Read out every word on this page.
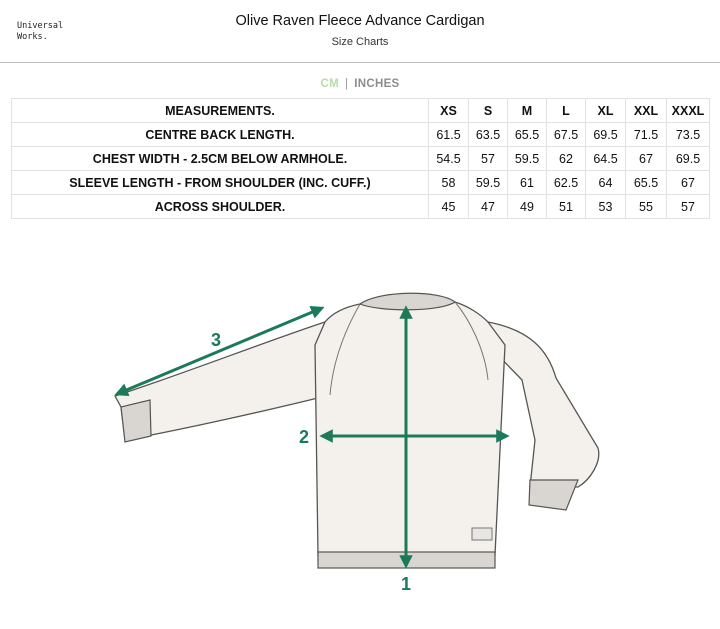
Universal
Works.
Olive Raven Fleece Advance Cardigan
Size Charts
CM | INCHES
MEASUREMENTS.	XS	S	M	L	XL	XXL	XXXL
CENTRE BACK LENGTH.	61.5	63.5	65.5	67.5	69.5	71.5	73.5
CHEST WIDTH - 2.5CM BELOW ARMHOLE.	54.5	57	59.5	62	64.5	67	69.5
SLEEVE LENGTH - FROM SHOULDER (INC. CUFF.)	58	59.5	61	62.5	64	65.5	67
ACROSS SHOULDER.	45	47	49	51	53	55	57
1
2
3
